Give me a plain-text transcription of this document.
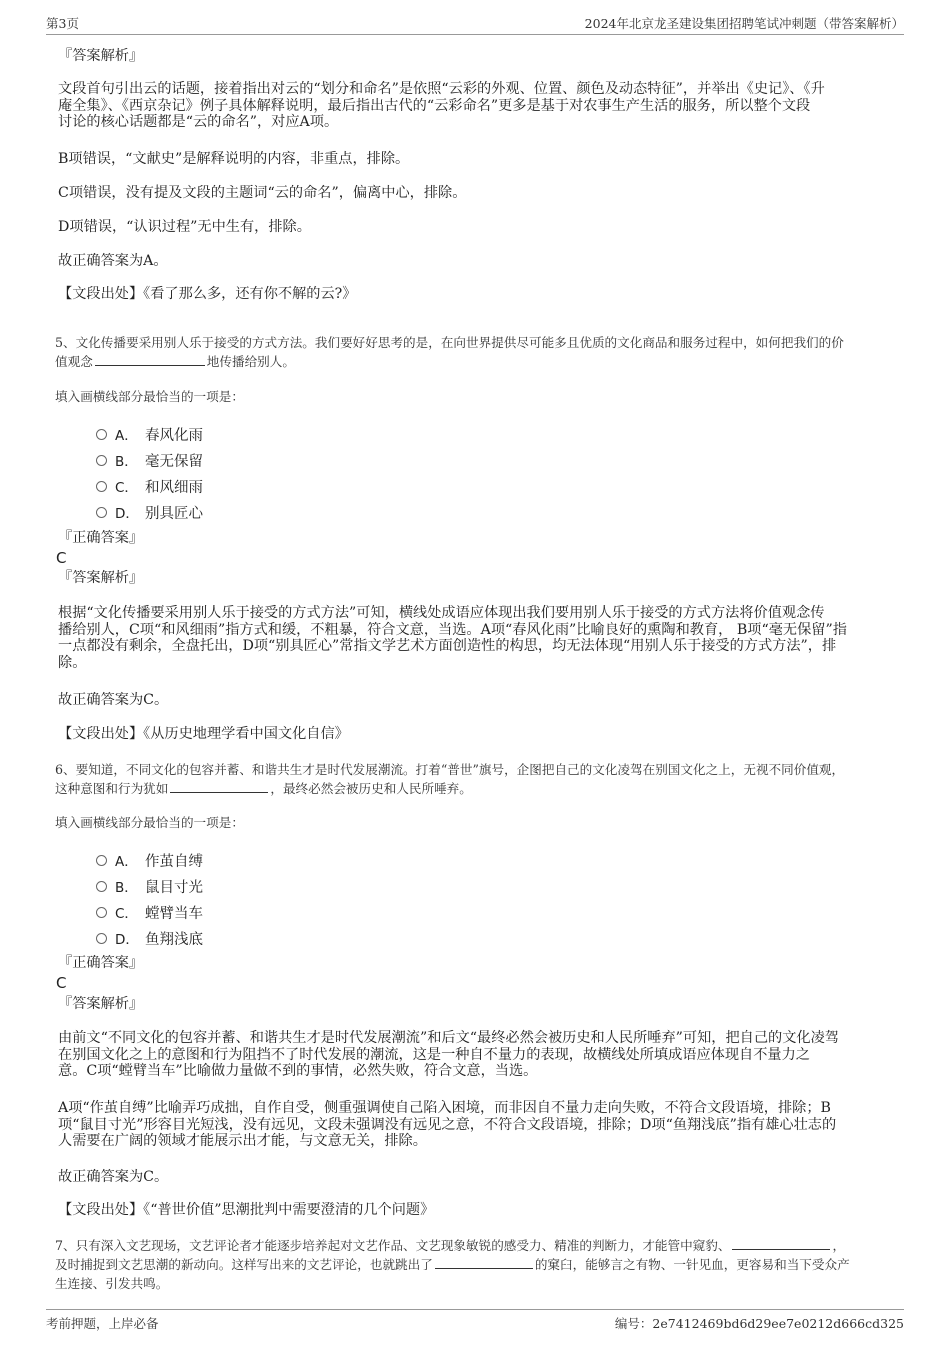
第3页	2024年北京龙圣建设集团招聘笔试冲刺题（带答案解析）
『答案解析』
文段首句引出云的话题，接着指出对云的“划分和命名”是依照“云彩的外观、位置、颜色及动态特征”，并举出《史记》、《升
庵全集》、《西京杂记》例子具体解释说明，最后指出古代的“云彩命名”更多是基于对农事生产生活的服务，所以整个文段
讨论的核心话题都是“云的命名”，对应A项。
B项错误，“文献史”是解释说明的内容，非重点，排除。
C项错误，没有提及文段的主题词“云的命名”，偏离中心，排除。
D项错误，“认识过程”无中生有，排除。
故正确答案为A。
【文段出处】《看了那么多，还有你不解的云?》
5、文化传播要采用别人乐于接受的方式方法。我们要好好思考的是，在向世界提供尽可能多且优质的文化商品和服务过程中，如何把我们的价
值观念	地传播给别人。
填入画横线部分最恰当的一项是：
A． 春风化雨
B． 毫无保留
C． 和风细雨
D． 别具匠心
『正确答案』
C
『答案解析』
根据“文化传播要采用别人乐于接受的方式方法”可知，横线处成语应体现出我们要用别人乐于接受的方式方法将价值观念传
播给别人，C项“和风细雨”指方式和缓，不粗暴，符合文意，当选。A项“春风化雨”比喻良好的熏陶和教育， B项“毫无保留”指
一点都没有剩余，全盘托出，D项“别具匠心”常指文学艺术方面创造性的构思，均无法体现“用别人乐于接受的方式方法”，排
除。
故正确答案为C。
【文段出处】《从历史地理学看中国文化自信》
6、要知道，不同文化的包容并蓄、和谐共生才是时代发展潮流。打着“普世”旗号，企图把自己的文化凌驾在别国文化之上，无视不同价值观，
这种意图和行为犹如	，最终必然会被历史和人民所唾弃。
填入画横线部分最恰当的一项是：
A． 作茧自缚
B． 鼠目寸光
C． 螳臂当车
D． 鱼翔浅底
『正确答案』
C
『答案解析』
由前文“不同文化的包容并蓄、和谐共生才是时代发展潮流”和后文“最终必然会被历史和人民所唾弃”可知，把自己的文化凌驾
在别国文化之上的意图和行为阻挡不了时代发展的潮流，这是一种自不量力的表现，故横线处所填成语应体现自不量力之
意。C项“螳臂当车”比喻做力量做不到的事情，必然失败，符合文意，当选。
A项“作茧自缚”比喻弄巧成拙，自作自受，侧重强调使自己陷入困境，而非因自不量力走向失败，不符合文段语境，排除；B
项“鼠目寸光”形容目光短浅，没有远见，文段未强调没有远见之意，不符合文段语境，排除；D项“鱼翔浅底”指有雄心壮志的
人需要在广阔的领域才能展示出才能，与文意无关，排除。
故正确答案为C。
【文段出处】《“普世价值”思潮批判中需要澄清的几个问题》
7、只有深入文艺现场，文艺评论者才能逐步培养起对文艺作品、文艺现象敏锐的感受力、精准的判断力，才能管中窥豹、	，
及时捕捉到文艺思潮的新动向。这样写出来的文艺评论，也就跳出了	的窠臼，能够言之有物、一针见血，更容易和当下受众产
生连接、引发共鸣。
考前押题，上岸必备	编号：2e7412469bd6d29ee7e0212d666cd325
